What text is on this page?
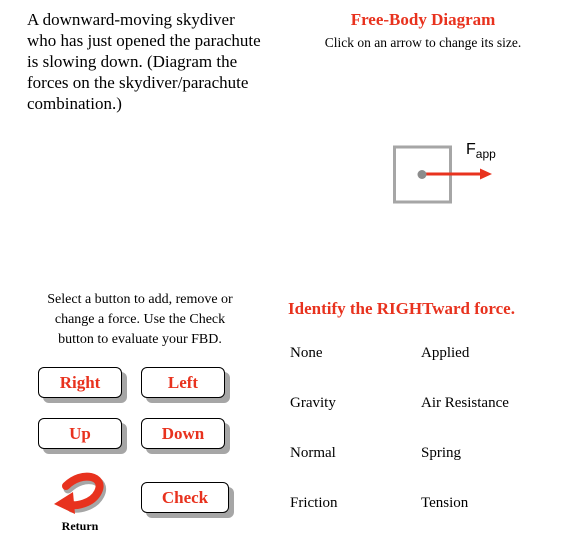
A downward-moving skydiver
who has just opened the parachute
is slowing down. (Diagram the
forces on the skydiver/parachute
combination.)
Free-Body Diagram
Click on an arrow to change its size.
$F_{app}$
Select a button to add, remove or
change a force. Use the Check
button to evaluate your FBD.
Right	Left
Up	Down
Check
Return
Identify the RIGHTward force.
None	Applied
Gravity	Air Resistance
Normal	Spring
Friction	Tension
